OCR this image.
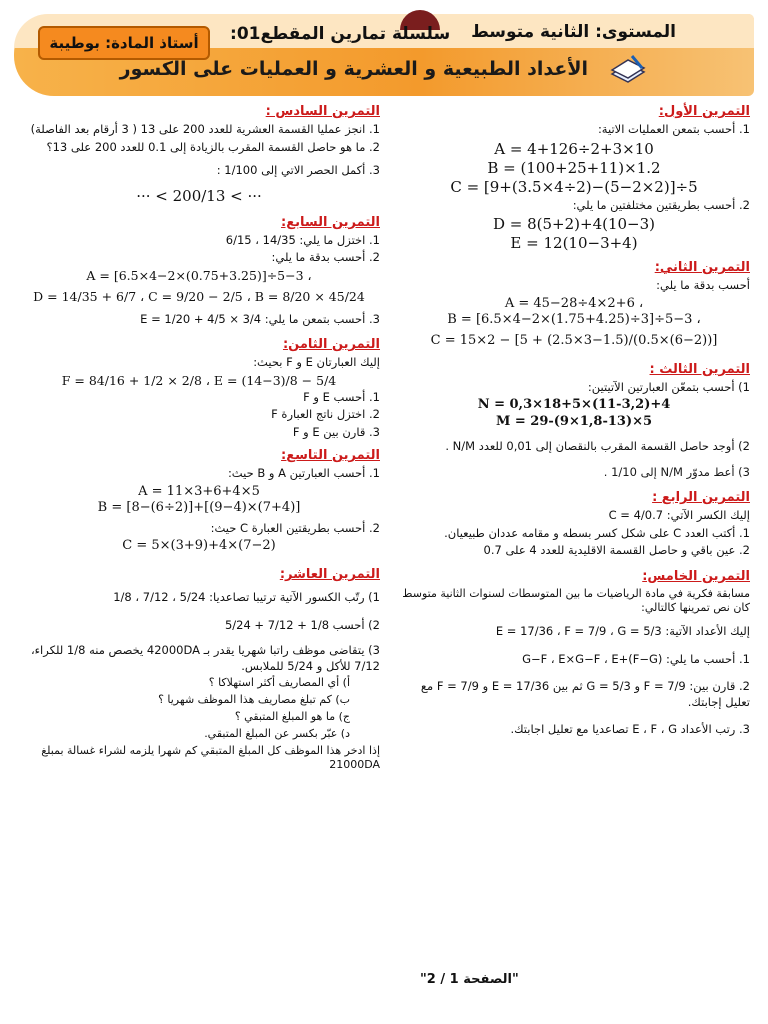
المستوى: الثانية متوسط
سلسلة تمارين المقطع01:
أستاذ المادة: بوطيبة
الأعداد الطبيعية و العشرية و العمليات على الكسور
التمرين الأول:
1. أحسب بتمعن العمليات الاتية:
A = 4+126÷2+3×10
B = (100+25+11)×1.2
C = [9+(3.5×4÷2)−(5−2×2)]÷5
2. أحسب بطريقتين مختلفتين ما يلي:
D = 8(5+2)+4(10−3)
E = 12(10−3+4)
التمرين الثاني:
أحسب بدقة ما يلي:
A = 45−28÷4×2+6 ،
B = [6.5×4−2×(1.75+4.25)÷3]÷5−3 ،
C = 15×2 − [5 + (2.5×3−1.5)/(0.5×(6−2))]
التمرين الثالث :
1) أحسب بتمعّن العبارتين الآتيتين:
N = 0,3×18+5×(11-3,2)+4
M = 29-(9×1,8-13)×5
2) أوجد حاصل القسمة المقرب بالنقصان إلى 0,01 للعدد N/M .
3) أعط مدوّر N/M إلى 1/10 .
التمرين الرابع :
إليك الكسر الآتي: C = 4/0.7
1. أكتب العدد C على شكل كسر بسطه و مقامه عددان طبيعيان.
2. عين باقي و حاصل القسمة الاقليدية للعدد 4 على 0.7
التمرين الخامس:
مسابقة فكرية في مادة الرياضيات ما بين المتوسطات لسنوات الثانية متوسط كان نص تمرينها كالتالي:
إليك الأعداد الآتية: E = 17/36 ، F = 7/9 ، G = 5/3
1. أحسب ما يلي: G−F ، E×G−F ، E+(F−G)
2. قارن بين: F = 7/9 و G = 5/3 ثم بين E = 17/36 و F = 7/9 مع تعليل إجابتك.
3. رتب الأعداد E ، F ، G تصاعديا مع تعليل اجابتك.
التمرين السادس :
1. انجز عمليا القسمة العشرية للعدد 200 على 13 ( 3 أرقام بعد الفاصلة)
2. ما هو حاصل القسمة المقرب بالزيادة إلى 0.1 للعدد 200 على 13؟
3. أكمل الحصر الاتي إلى 1/100 :
··· < 200/13 < ···
التمرين السابع:
1. اختزل ما يلي: 14/35 ، 6/15
2. أحسب بدقة ما يلي:
A = [6.5×4−2×(0.75+3.25)]÷5−3 ،
D = 14/35 + 6/7 ، C = 9/20 − 2/5 ، B = 8/20 × 45/24
3. أحسب بتمعن ما يلي: E = 1/20 + 4/5 × 3/4
التمرين الثامن:
إليك العبارتان E و F بحيث:
F = 84/16 + 1/2 × 2/8 ، E = (14−3)/8 − 5/4
1. أحسب E و F
2. اختزل ناتج العبارة F
3. قارن بين E و F
التمرين التاسع:
1. أحسب العبارتين A و B حيث:
A = 11×3+6+4×5
B = [8−(6÷2)]+[(9−4)×(7+4)]
2. أحسب بطريقتين العبارة C حيث:
C = 5×(3+9)+4×(7−2)
التمرين العاشر:
1) رتّب الكسور الآتية ترتيبا تصاعديا: 5/24 ، 7/12 ، 1/8
2) أحسب 1/8 + 7/12 + 5/24
3) يتقاضى موظف راتبا شهريا يقدر بـ 42000DA يخصص منه 1/8 للكراء، 7/12 للأكل و 5/24 للملابس.
أ) أي المصاريف أكثر استهلاكا ؟
ب) كم تبلغ مصاريف هذا الموظف شهريا ؟
ج) ما هو المبلغ المتبقي ؟
د) عبّر بكسر عن المبلغ المتبقي.
إذا ادخر هذا الموظف كل المبلغ المتبقي كم شهرا يلزمه لشراء غسالة بمبلغ 21000DA
"الصفحة 1 / 2"
